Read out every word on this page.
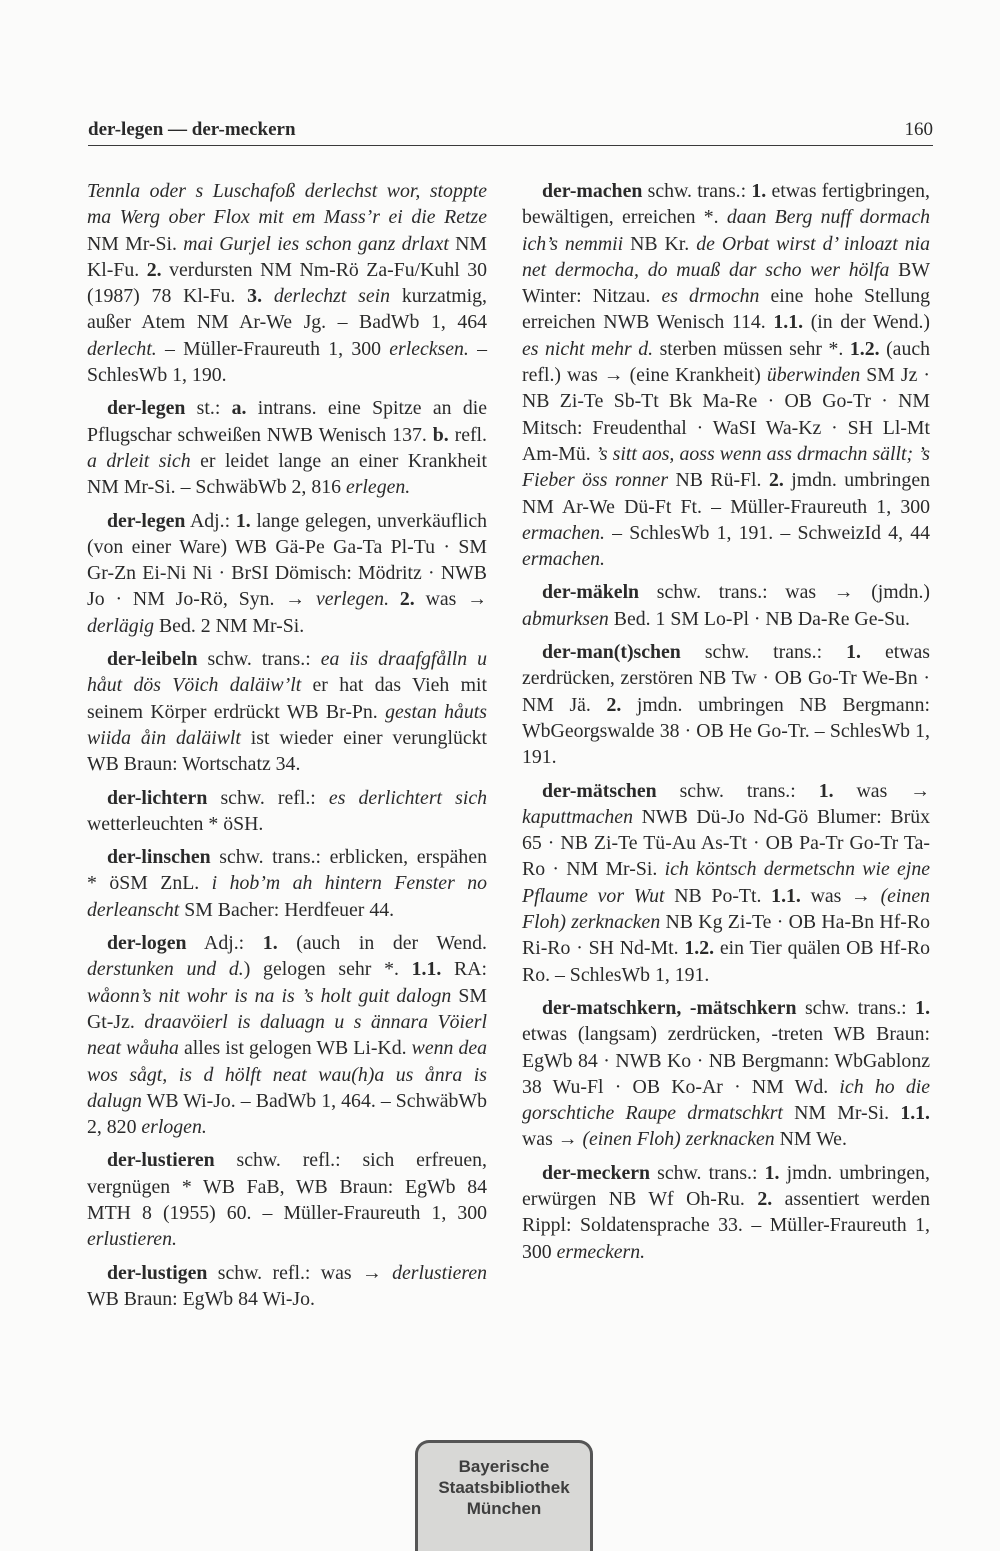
der-legen — der-meckern	160

Tennla oder s Luschafoß derlechst wor, stoppte ma Werg ober Flox mit em Mass’r ei die Retze NM Mr-Si. mai Gurjel ies schon ganz drlaxt NM Kl-Fu. 2. verdursten NM Nm-Rö Za-Fu/Kuhl 30 (1987) 78 Kl-Fu. 3. derlechzt sein kurzatmig, außer Atem NM Ar-We Jg. – BadWb 1, 464 derlecht. – Müller-Fraureuth 1, 300 erlecksen. – SchlesWb 1, 190.

der-legen st.: a. intrans. eine Spitze an die Pflugschar schweißen NWB Wenisch 137. b. refl. a drleit sich er leidet lange an einer Krankheit NM Mr-Si. – SchwäbWb 2, 816 erlegen.

der-legen Adj.: 1. lange gelegen, unverkäuflich (von einer Ware) WB Gä-Pe Ga-Ta Pl-Tu · SM Gr-Zn Ei-Ni Ni · BrSI Dömisch: Mödritz · NWB Jo · NM Jo-Rö, Syn. → verlegen. 2. was → derlägig Bed. 2 NM Mr-Si.

der-leibeln schw. trans.: ea iis draafgfålln u håut dös Vöich daläiw’lt er hat das Vieh mit seinem Körper erdrückt WB Br-Pn. gestan håuts wiida åin daläiwlt ist wieder einer verunglückt WB Braun: Wortschatz 34.

der-lichtern schw. refl.: es derlichtert sich wetterleuchten * öSH.

der-linschen schw. trans.: erblicken, erspähen * öSM ZnL. i hob’m ah hintern Fenster no derleanscht SM Bacher: Herdfeuer 44.

der-logen Adj.: 1. (auch in der Wend. derstunken und d.) gelogen sehr *. 1.1. RA: wåonn’s nit wohr is na is ’s holt guit dalogn SM Gt-Jz. draavöierl is daluagn u s ännara Vöierl neat wåuha alles ist gelogen WB Li-Kd. wenn dea wos sågt, is d hölft neat wau(h)a us ånra is dalugn WB Wi-Jo. – BadWb 1, 464. – SchwäbWb 2, 820 erlogen.

der-lustieren schw. refl.: sich erfreuen, vergnügen * WB FaB, WB Braun: EgWb 84 MTH 8 (1955) 60. – Müller-Fraureuth 1, 300 erlustieren.

der-lustigen schw. refl.: was → derlustieren WB Braun: EgWb 84 Wi-Jo.

der-machen schw. trans.: 1. etwas fertigbringen, bewältigen, erreichen *. daan Berg nuff dormach ich’s nemmii NB Kr. de Orbat wirst d’ inloazt nia net dermocha, do muaß dar scho wer hölfa BW Winter: Nitzau. es drmochn eine hohe Stellung erreichen NWB Wenisch 114. 1.1. (in der Wend.) es nicht mehr d. sterben müssen sehr *. 1.2. (auch refl.) was → (eine Krankheit) überwinden SM Jz · NB Zi-Te Sb-Tt Bk Ma-Re · OB Go-Tr · NM Mitsch: Freudenthal · WaSI Wa-Kz · SH Ll-Mt Am-Mü. ’s sitt aos, aoss wenn ass drmachn sällt; ’s Fieber öss ronner NB Rü-Fl. 2. jmdn. umbringen NM Ar-We Dü-Ft Ft. – Müller-Fraureuth 1, 300 ermachen. – SchlesWb 1, 191. – SchweizId 4, 44 ermachen.

der-mäkeln schw. trans.: was → (jmdn.) abmurksen Bed. 1 SM Lo-Pl · NB Da-Re Ge-Su.

der-man(t)schen schw. trans.: 1. etwas zerdrücken, zerstören NB Tw · OB Go-Tr We-Bn · NM Jä. 2. jmdn. umbringen NB Bergmann: WbGeorgswalde 38 · OB He Go-Tr. – SchlesWb 1, 191.

der-mätschen schw. trans.: 1. was → kaputtmachen NWB Dü-Jo Nd-Gö Blumer: Brüx 65 · NB Zi-Te Tü-Au As-Tt · OB Pa-Tr Go-Tr Ta-Ro · NM Mr-Si. ich köntsch dermetschn wie ejne Pflaume vor Wut NB Po-Tt. 1.1. was → (einen Floh) zerknacken NB Kg Zi-Te · OB Ha-Bn Hf-Ro Ri-Ro · SH Nd-Mt. 1.2. ein Tier quälen OB Hf-Ro Ro. – SchlesWb 1, 191.

der-matschkern, -mätschkern schw. trans.: 1. etwas (langsam) zerdrücken, -treten WB Braun: EgWb 84 · NWB Ko · NB Bergmann: WbGablonz 38 Wu-Fl · OB Ko-Ar · NM Wd. ich ho die gorschtiche Raupe drmatschkrt NM Mr-Si. 1.1. was → (einen Floh) zerknacken NM We.

der-meckern schw. trans.: 1. jmdn. umbringen, erwürgen NB Wf Oh-Ru. 2. assentiert werden Rippl: Soldatensprache 33. – Müller-Fraureuth 1, 300 ermeckern.

Bayerische
Staatsbibliothek
München
